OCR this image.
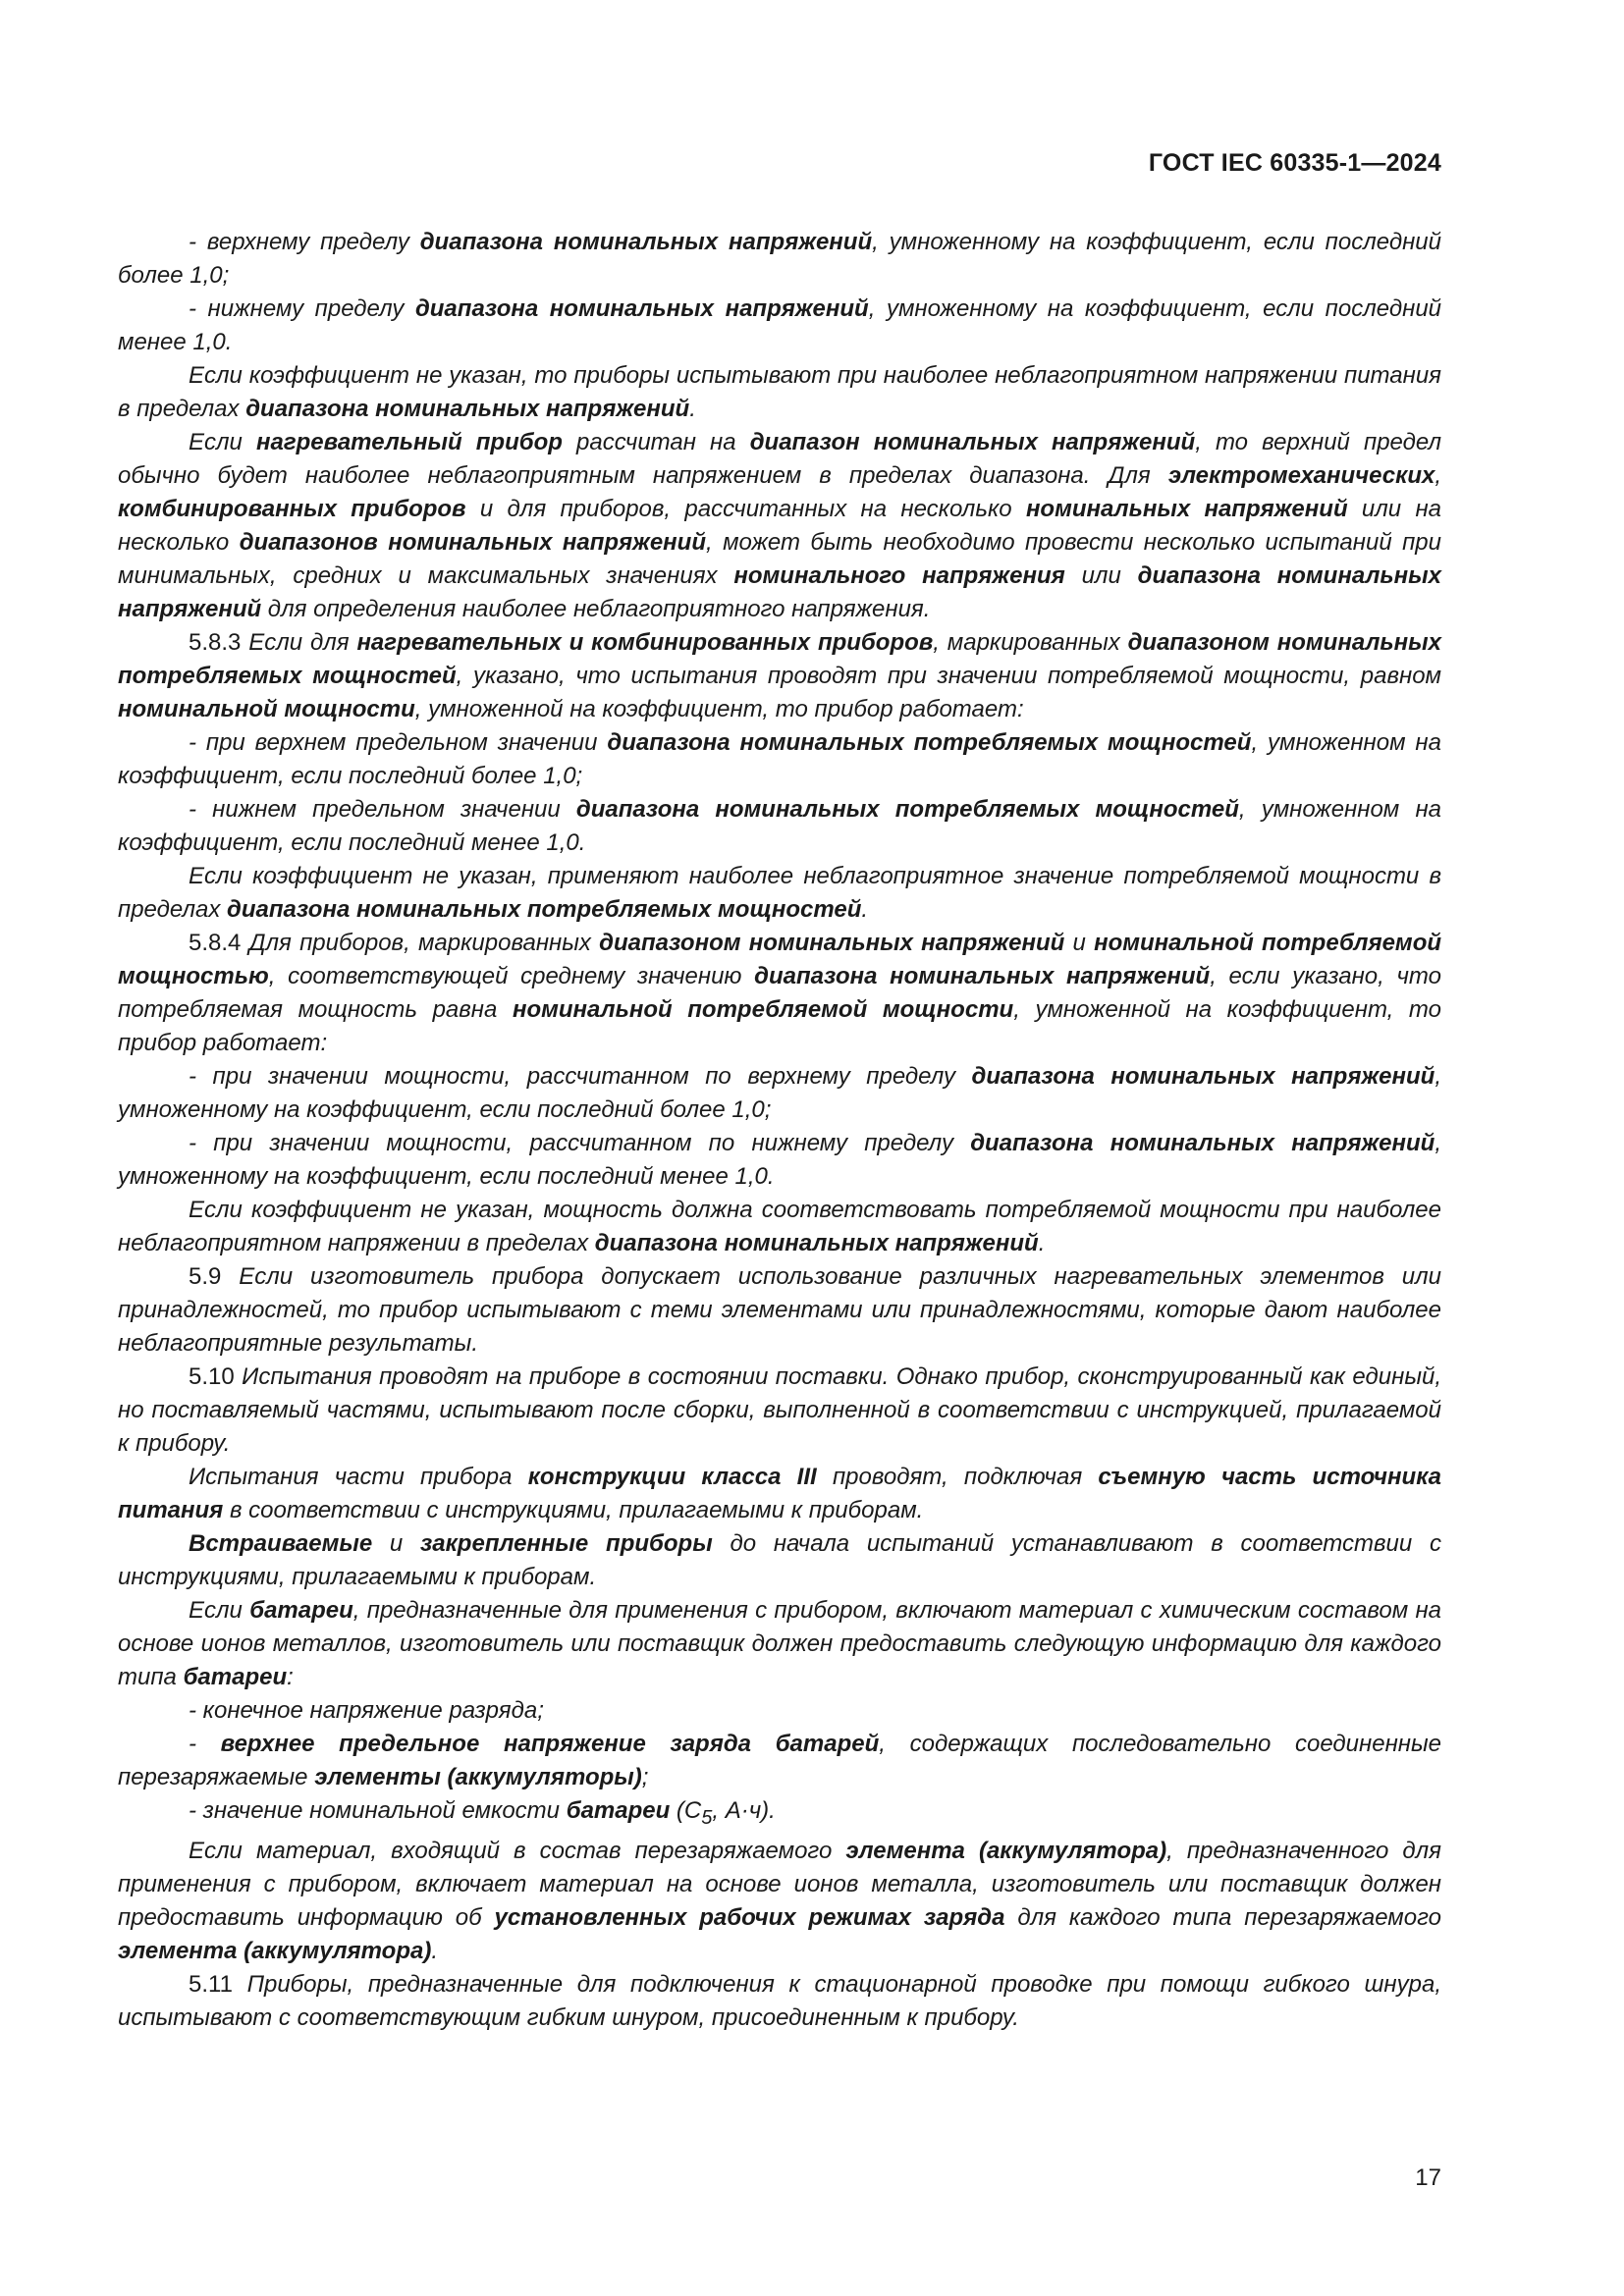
ГОСТ IEC 60335-1—2024

- верхнему пределу диапазона номинальных напряжений, умноженному на коэффициент, если последний более 1,0;

- нижнему пределу диапазона номинальных напряжений, умноженному на коэффициент, если последний менее 1,0.

Если коэффициент не указан, то приборы испытывают при наиболее неблагоприятном напряжении питания в пределах диапазона номинальных напряжений.

Если нагревательный прибор рассчитан на диапазон номинальных напряжений, то верхний предел обычно будет наиболее неблагоприятным напряжением в пределах диапазона. Для электромеханических, комбинированных приборов и для приборов, рассчитанных на несколько номинальных напряжений или на несколько диапазонов номинальных напряжений, может быть необходимо провести несколько испытаний при минимальных, средних и максимальных значениях номинального напряжения или диапазона номинальных напряжений для определения наиболее неблагоприятного напряжения.

5.8.3 Если для нагревательных и комбинированных приборов, маркированных диапазоном номинальных потребляемых мощностей, указано, что испытания проводят при значении потребляемой мощности, равном номинальной мощности, умноженной на коэффициент, то прибор работает:

- при верхнем предельном значении диапазона номинальных потребляемых мощностей, умноженном на коэффициент, если последний более 1,0;

- нижнем предельном значении диапазона номинальных потребляемых мощностей, умноженном на коэффициент, если последний менее 1,0.

Если коэффициент не указан, применяют наиболее неблагоприятное значение потребляемой мощности в пределах диапазона номинальных потребляемых мощностей.

5.8.4 Для приборов, маркированных диапазоном номинальных напряжений и номинальной потребляемой мощностью, соответствующей среднему значению диапазона номинальных напряжений, если указано, что потребляемая мощность равна номинальной потребляемой мощности, умноженной на коэффициент, то прибор работает:

- при значении мощности, рассчитанном по верхнему пределу диапазона номинальных напряжений, умноженному на коэффициент, если последний более 1,0;

- при значении мощности, рассчитанном по нижнему пределу диапазона номинальных напряжений, умноженному на коэффициент, если последний менее 1,0.

Если коэффициент не указан, мощность должна соответствовать потребляемой мощности при наиболее неблагоприятном напряжении в пределах диапазона номинальных напряжений.

5.9 Если изготовитель прибора допускает использование различных нагревательных элементов или принадлежностей, то прибор испытывают с теми элементами или принадлежностями, которые дают наиболее неблагоприятные результаты.

5.10 Испытания проводят на приборе в состоянии поставки. Однако прибор, сконструированный как единый, но поставляемый частями, испытывают после сборки, выполненной в соответствии с инструкцией, прилагаемой к прибору.

Испытания части прибора конструкции класса III проводят, подключая съемную часть источника питания в соответствии с инструкциями, прилагаемыми к приборам.

Встраиваемые и закрепленные приборы до начала испытаний устанавливают в соответствии с инструкциями, прилагаемыми к приборам.

Если батареи, предназначенные для применения с прибором, включают материал с химическим составом на основе ионов металлов, изготовитель или поставщик должен предоставить следующую информацию для каждого типа батареи:

- конечное напряжение разряда;

- верхнее предельное напряжение заряда батарей, содержащих последовательно соединенные перезаряжаемые элементы (аккумуляторы);

- значение номинальной емкости батареи ($C_5$, А·ч).

Если материал, входящий в состав перезаряжаемого элемента (аккумулятора), предназначенного для применения с прибором, включает материал на основе ионов металла, изготовитель или поставщик должен предоставить информацию об установленных рабочих режимах заряда для каждого типа перезаряжаемого элемента (аккумулятора).

5.11 Приборы, предназначенные для подключения к стационарной проводке при помощи гибкого шнура, испытывают с соответствующим гибким шнуром, присоединенным к прибору.

17
